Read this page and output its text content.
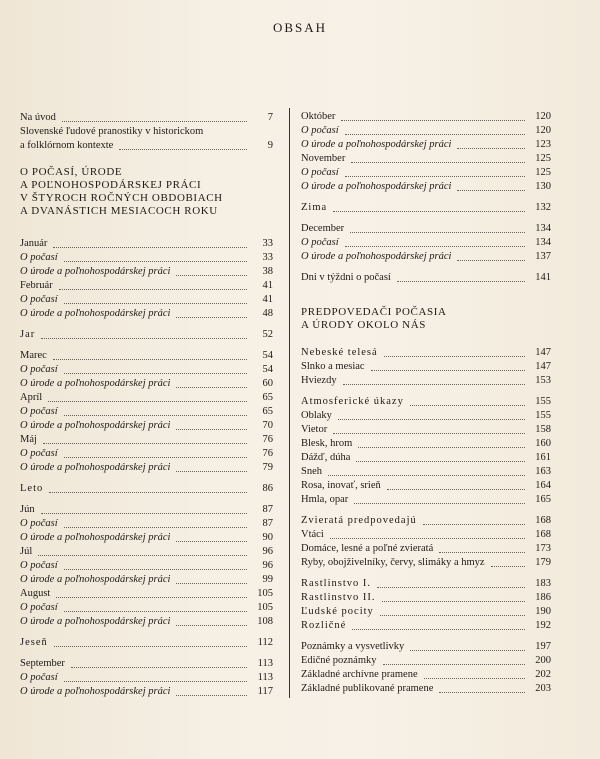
OBSAH
Na úvod	7
Slovenské ľudové pranostiky v historickom
a folklórnom kontexte	9
O POČASÍ, ÚRODE
A POĽNOHOSPODÁRSKEJ PRÁCI
V ŠTYROCH ROČNÝCH OBDOBIACH
A DVANÁSTICH MESIACOCH ROKU
Január	33
O počasí	33
O úrode a poľnohospodárskej práci	38
Február	41
O počasí	41
O úrode a poľnohospodárskej práci	48
Jar	52
Marec	54
O počasí	54
O úrode a poľnohospodárskej práci	60
Apríl	65
O počasí	65
O úrode a poľnohospodárskej práci	70
Máj	76
O počasí	76
O úrode a poľnohospodárskej práci	79
Leto	86
Jún	87
O počasí	87
O úrode a poľnohospodárskej práci	90
Júl	96
O počasí	96
O úrode a poľnohospodárskej práci	99
August	105
O počasí	105
O úrode a poľnohospodárskej práci	108
Jeseň	112
September	113
O počasí	113
O úrode a poľnohospodárskej práci	117
Október	120
O počasí	120
O úrode a poľnohospodárskej práci	123
November	125
O počasí	125
O úrode a poľnohospodárskej práci	130
Zima	132
December	134
O počasí	134
O úrode a poľnohospodárskej práci	137
Dni v týždni o počasí	141
PREDPOVEDAČI POČASIA
A ÚRODY OKOLO NÁS
Nebeské telesá	147
Slnko a mesiac	147
Hviezdy	153
Atmosferické úkazy	155
Oblaky	155
Vietor	158
Blesk, hrom	160
Dážď, dúha	161
Sneh	163
Rosa, inovať, srieň	164
Hmla, opar	165
Zvieratá predpovedajú	168
Vtáci	168
Domáce, lesné a poľné zvieratá	173
Ryby, obojživelníky, červy, slimáky a hmyz	179
Rastlinstvo I.	183
Rastlinstvo II.	186
Ľudské pocity	190
Rozličné	192
Poznámky a vysvetlivky	197
Edičné poznámky	200
Základné archívne pramene	202
Základné publikované pramene	203
